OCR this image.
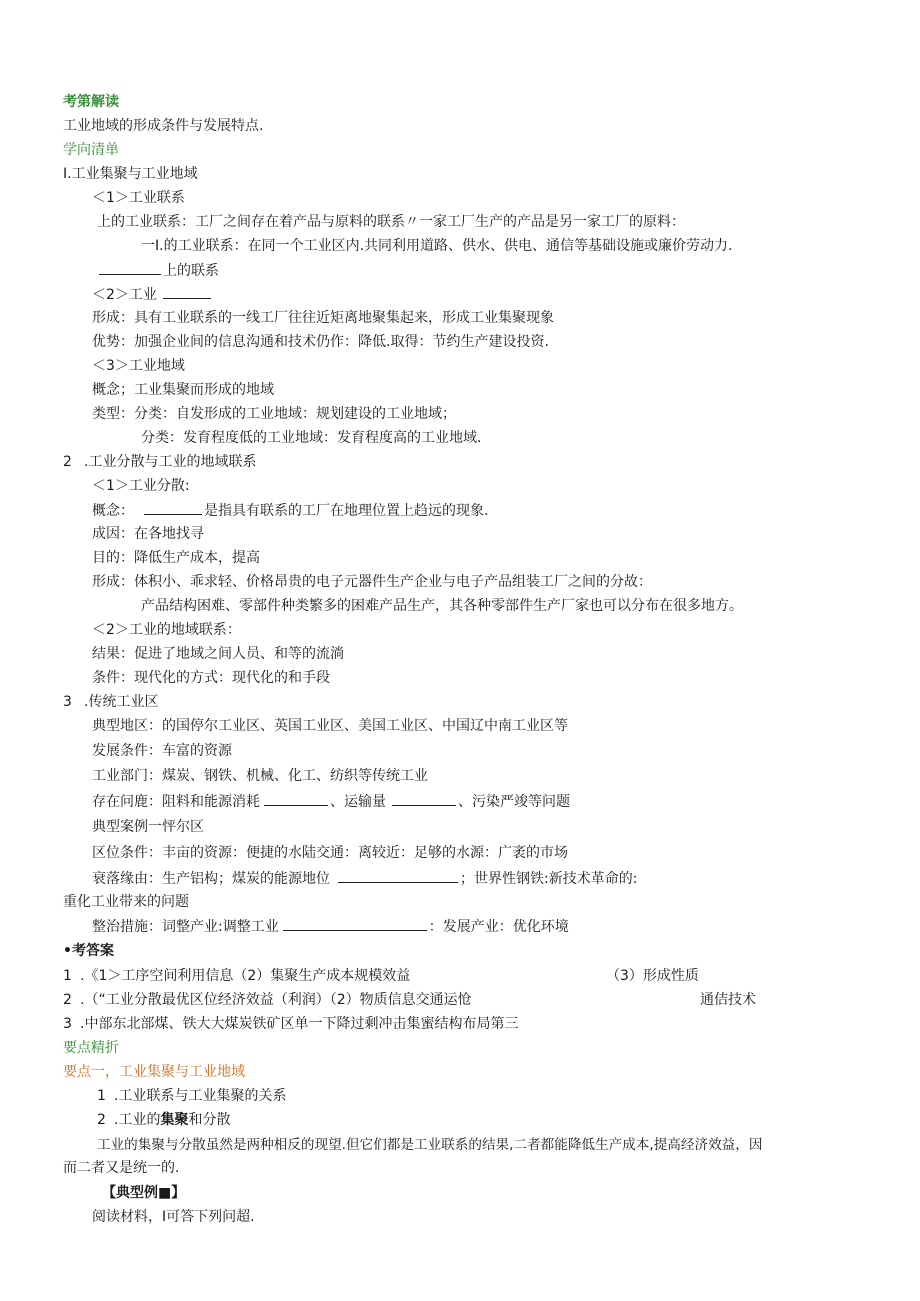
考第解读
工业地域的形成条件与发展特点.
学向清单
I.工业集聚与工业地域
＜1＞工业联系
上的工业联系：工厂之间存在着产品与原料的联系〃一家工厂生产的产品是另一家工厂的原料：
一I.的工业联系：在同一个工业区内.共同利用道路、供水、供电、通信等基础设施或廉价劳动力.
上的联系
＜2＞工业
形成：具有工业联系的一线工厂往往近矩离地聚集起来，形成工业集聚现象
优势：加强企业间的信息沟通和技术仍作：降低.取得：节约生产建设投资.
＜3＞工业地域
概念；工业集聚而形成的地域
类型：分类：自发形成的工业地域：规划建设的工业地域；
分类：发育程度低的工业地域：发育程度高的工业地域.
2 .工业分散与工业的地域联系
＜1＞工业分散:
概念：	是指具有联系的工厂在地理位置上趋远的现象.
成因：在各地找寻
目的：降低生产成本，提高
形成：体积小、乖求轻、价格昂贵的电子元器件生产企业与电子产品组装工厂之间的分故：
产品结构困难、零部件种类繁多的困难产品生产，其各种零部件生产厂家也可以分布在很多地方。
＜2＞工业的地域联系：
结果：促进了地域之间人员、和等的流淌
条件：现代化的方式：现代化的和手段
3 .传统工业区
典型地区：的国停尔工业区、英国工业区、美国工业区、中国辽中南工业区等
发展条件：车富的资源
工业部门：煤炭、钢铁、机械、化工、纺织等传统工业
存在问鹿：阻料和能源消耗	、运输量	、污染严竣等问题
典型案例一怦尔区
区位条件：丰亩的资源：便捷的水陆交通：离较近：足够的水源：广袤的市场
衰落缘由：生产铝构；煤炭的能源地位	；世界性钢铁:新技术革命的:
重化工业带来的问题
整治措施：词整产业:调整工业	：发展产业：优化环境
•考答案
1 .《1＞工序空间利用信息（2）集聚生产成本规模效益	（3）形成性质
2 .（“工业分散最优区位经济效益（利润）（2）物质信息交通运怆	通佶技术
3 .中部东北部煤、铁大大煤炭铁矿区单一下降过剩冲击集蜜结构布局第三
要点精折
要点一，工业集聚与工业地域
1 .工业联系与工业集聚的关系
2 .工业的集聚和分散
工业的集聚与分散虽然是两种相反的现望.但它们都是工业联系的结果,二者都能降低生产成本,提高经济效益，因
而二者又是统一的.
【典型例■】
阅读材料，I可答下列问超.
